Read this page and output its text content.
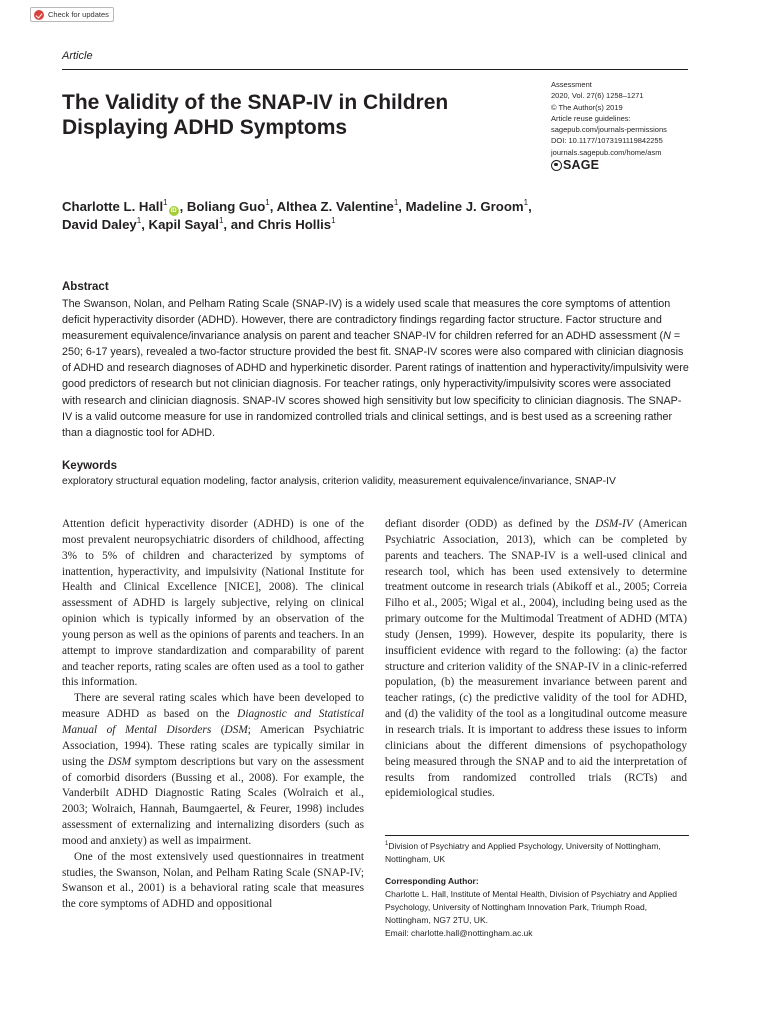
Check for updates
Article
The Validity of the SNAP-IV in Children Displaying ADHD Symptoms
Assessment
2020, Vol. 27(6) 1258–1271
© The Author(s) 2019
Article reuse guidelines:
sagepub.com/journals-permissions
DOI: 10.1177/1073191119842255
journals.sagepub.com/home/asm
SAGE
Charlotte L. Hall$^1$iD , Boliang Guo$^1$, Althea Z. Valentine$^1$, Madeline J. Groom$^1$,
David Daley$^1$, Kapil Sayal$^1$, and Chris Hollis$^1$
Abstract

The Swanson, Nolan, and Pelham Rating Scale (SNAP-IV) is a widely used scale that measures the core symptoms of attention deficit hyperactivity disorder (ADHD). However, there are contradictory findings regarding factor structure. Factor structure and measurement equivalence/invariance analysis on parent and teacher SNAP-IV for children referred for an ADHD assessment (N = 250; 6-17 years), revealed a two-factor structure provided the best fit. SNAP-IV scores were also compared with clinician diagnosis of ADHD and research diagnoses of ADHD and hyperkinetic disorder. Parent ratings of inattention and hyperactivity/impulsivity were good predictors of research but not clinician diagnosis. For teacher ratings, only hyperactivity/impulsivity scores were associated with research and clinician diagnosis. SNAP-IV scores showed high sensitivity but low specificity to clinician diagnosis. The SNAP-IV is a valid outcome measure for use in randomized controlled trials and clinical settings, and is best used as a screening rather than a diagnostic tool for ADHD.

Keywords
exploratory structural equation modeling, factor analysis, criterion validity, measurement equivalence/invariance, SNAP-IV

Attention deficit hyperactivity disorder (ADHD) is one of the most prevalent neuropsychiatric disorders of childhood, affecting 3% to 5% of children and characterized by symptoms of inattention, hyperactivity, and impulsivity (National Institute for Health and Clinical Excellence [NICE], 2008). The clinical assessment of ADHD is largely subjective, relying on clinical opinion which is typically informed by an observation of the young person as well as the opinions of parents and teachers. In an attempt to improve standardization and comparability of parent and teacher reports, rating scales are often used as a tool to gather this information.

There are several rating scales which have been developed to measure ADHD as based on the Diagnostic and Statistical Manual of Mental Disorders (DSM; American Psychiatric Association, 1994). These rating scales are typically similar in using the DSM symptom descriptions but vary on the assessment of comorbid disorders (Bussing et al., 2008). For example, the Vanderbilt ADHD Diagnostic Rating Scales (Wolraich et al., 2003; Wolraich, Hannah, Baumgaertel, & Feurer, 1998) includes assessment of externalizing and internalizing disorders (such as mood and anxiety) as well as impairment.

One of the most extensively used questionnaires in treatment studies, the Swanson, Nolan, and Pelham Rating Scale (SNAP-IV; Swanson et al., 2001) is a behavioral rating scale that measures the core symptoms of ADHD and oppositional

defiant disorder (ODD) as defined by the DSM-IV (American Psychiatric Association, 2013), which can be completed by parents and teachers. The SNAP-IV is a well-used clinical and research tool, which has been used extensively to determine treatment outcome in research trials (Abikoff et al., 2005; Correia Filho et al., 2005; Wigal et al., 2004), including being used as the primary outcome for the Multimodal Treatment of ADHD (MTA) study (Jensen, 1999). However, despite its popularity, there is insufficient evidence with regard to the following: (a) the factor structure and criterion validity of the SNAP-IV in a clinic-referred population, (b) the measurement invariance between parent and teacher ratings, (c) the predictive validity of the tool for ADHD, and (d) the validity of the tool as a longitudinal outcome measure in research trials. It is important to address these issues to inform clinicians about the different dimensions of psychopathology being measured through the SNAP and to aid the interpretation of results from randomized controlled trials (RCTs) and epidemiological studies.

$^1$Division of Psychiatry and Applied Psychology, University of Nottingham, Nottingham, UK

Corresponding Author:

Charlotte L. Hall, Institute of Mental Health, Division of Psychiatry and Applied Psychology, University of Nottingham Innovation Park, Triumph Road, Nottingham, NG7 2TU, UK.

Email: charlotte.hall@nottingham.ac.uk
